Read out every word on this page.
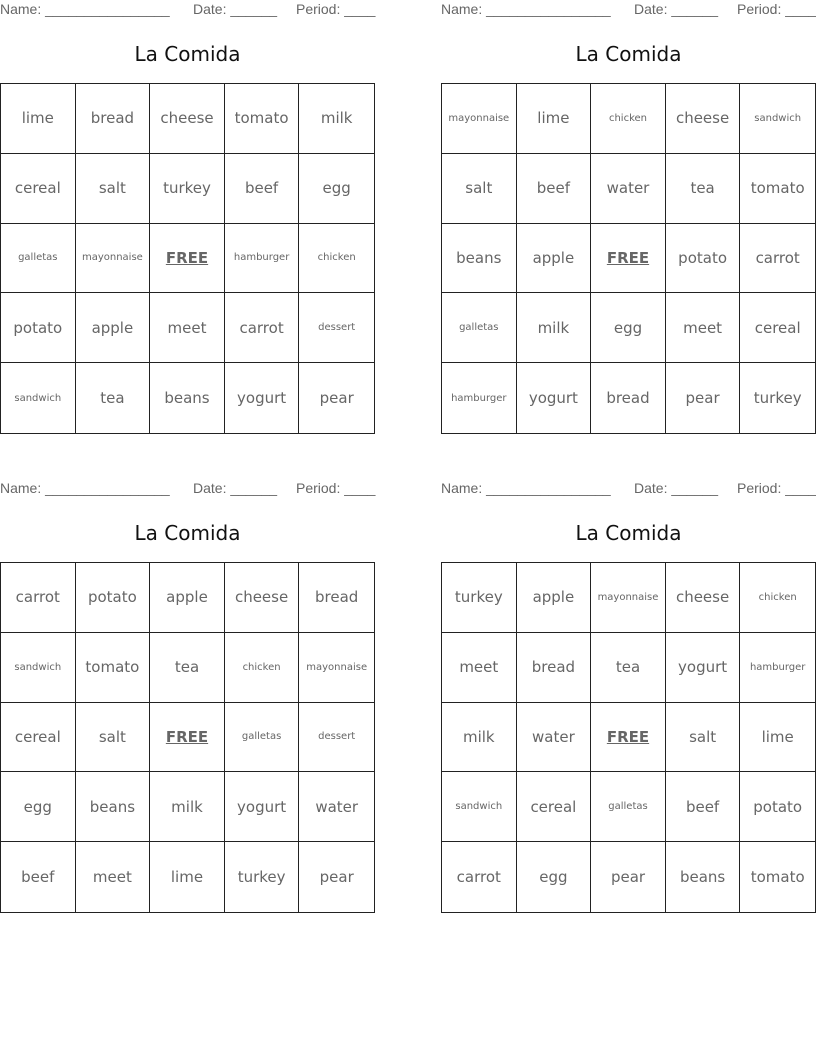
Name: ________________ Date: ______ Period: ____
La Comida
lime	bread	cheese	tomato	milk
cereal	salt	turkey	beef	egg
galletas	mayonnaise	FREE	hamburger	chicken
potato	apple	meet	carrot	dessert
sandwich	tea	beans	yogurt	pear
Name: ________________ Date: ______ Period: ____
La Comida
mayonnaise	lime	chicken	cheese	sandwich
salt	beef	water	tea	tomato
beans	apple	FREE	potato	carrot
galletas	milk	egg	meet	cereal
hamburger	yogurt	bread	pear	turkey
Name: ________________ Date: ______ Period: ____
La Comida
carrot	potato	apple	cheese	bread
sandwich	tomato	tea	chicken	mayonnaise
cereal	salt	FREE	galletas	dessert
egg	beans	milk	yogurt	water
beef	meet	lime	turkey	pear
Name: ________________ Date: ______ Period: ____
La Comida
turkey	apple	mayonnaise	cheese	chicken
meet	bread	tea	yogurt	hamburger
milk	water	FREE	salt	lime
sandwich	cereal	galletas	beef	potato
carrot	egg	pear	beans	tomato
